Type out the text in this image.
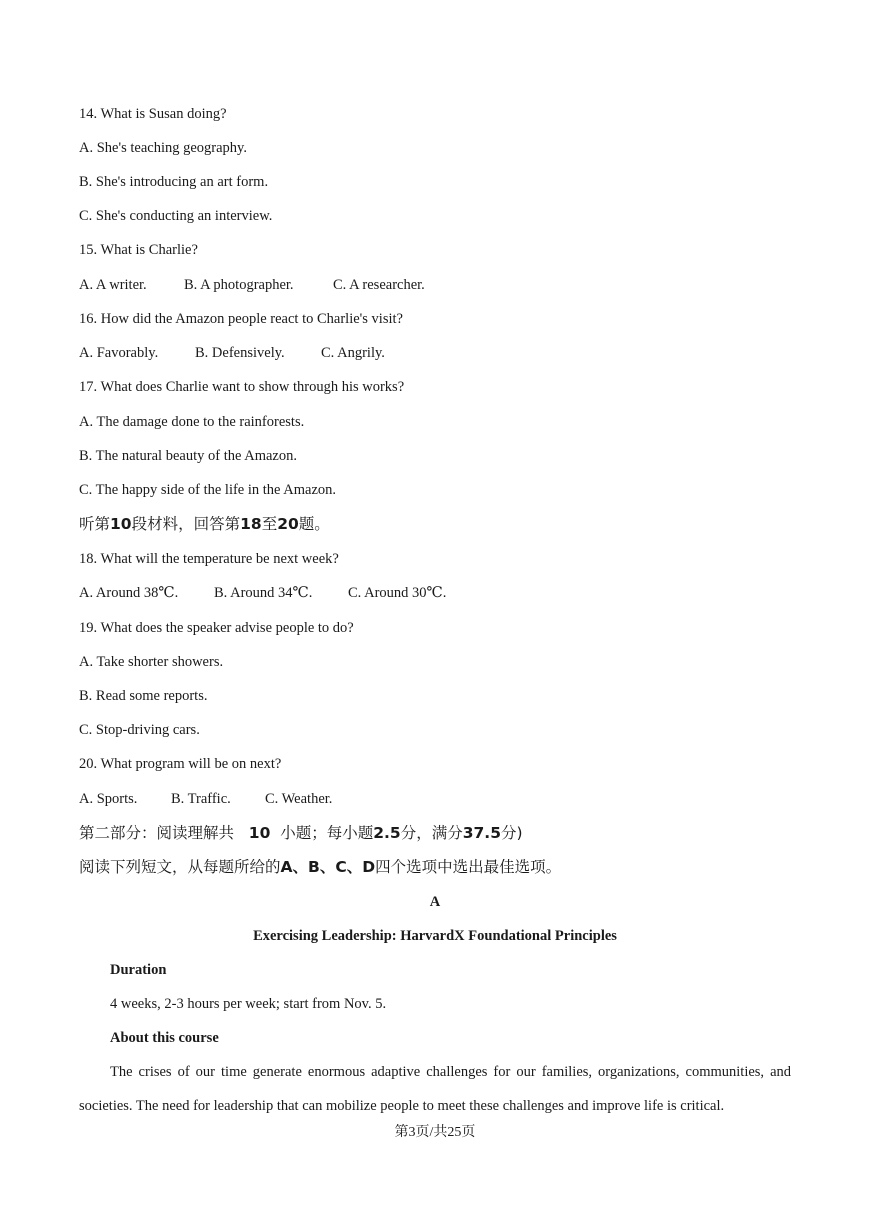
14. What is Susan doing?
A. She's teaching geography.
B. She's introducing an art form.
C. She's conducting an interview.
15. What is Charlie?
A. A writer.	B. A photographer.	C. A researcher.
16. How did the Amazon people react to Charlie's visit?
A. Favorably.	B. Defensively.	C. Angrily.
17. What does Charlie want to show through his works?
A. The damage done to the rainforests.
B. The natural beauty of the Amazon.
C. The happy side of the life in the Amazon.
听第10段材料，回答第18至20题。
18. What will the temperature be next week?
A. Around 38℃. B. Around 34℃. C. Around 30℃.
19. What does the speaker advise people to do?
A. Take shorter showers.
B. Read some reports.
C. Stop-driving cars.
20. What program will be on next?
A. Sports. B. Traffic. C. Weather.
第二部分：阅读理解共 10 小题；每小题2.5分，满分37.5分)
阅读下列短文，从每题所给的A、B、C、D四个选项中选出最佳选项。
A
Exercising Leadership: HarvardX Foundational Principles
Duration
4 weeks, 2-3 hours per week; start from Nov. 5.
About this course
The crises of our time generate enormous adaptive challenges for our families, organizations, communities, and societies. The need for leadership that can mobilize people to meet these challenges and improve life is critical.
第3页/共25页
